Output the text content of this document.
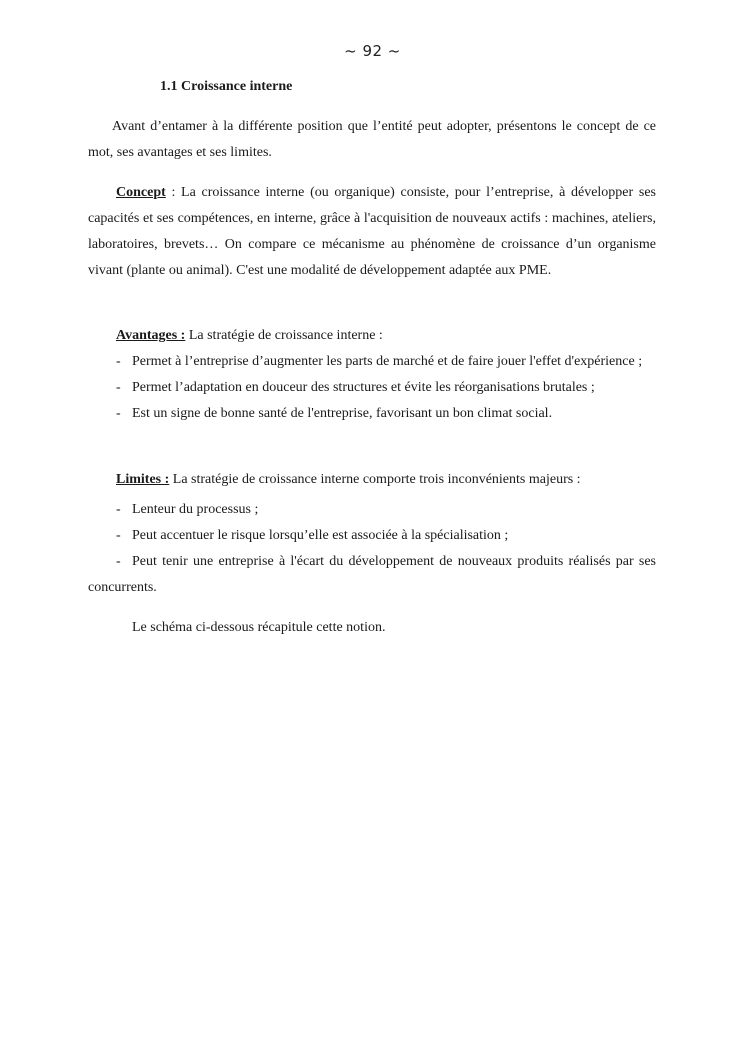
~ 92 ~
1.1 Croissance interne

Avant d’entamer à la différente position que l’entité peut adopter, présentons le concept de ce mot, ses avantages et ses limites.

Concept : La croissance interne (ou organique) consiste, pour l’entreprise, à développer ses capacités et ses compétences, en interne, grâce à l'acquisition de nouveaux actifs : machines, ateliers, laboratoires, brevets… On compare ce mécanisme au phénomène de croissance d’un organisme vivant (plante ou animal). C'est une modalité de développement adaptée aux PME.

Avantages : La stratégie de croissance interne :

- Permet à l’entreprise d’augmenter les parts de marché et de faire jouer l'effet d'expérience ;
- Permet l’adaptation en douceur des structures et évite les réorganisations brutales ;
- Est un signe de bonne santé de l'entreprise, favorisant un bon climat social.

Limites : La stratégie de croissance interne comporte trois inconvénients majeurs :

- Lenteur du processus ;
- Peut accentuer le risque lorsqu’elle est associée à la spécialisation ;
- Peut tenir une entreprise à l'écart du développement de nouveaux produits réalisés par ses concurrents.

Le schéma ci-dessous récapitule cette notion.
